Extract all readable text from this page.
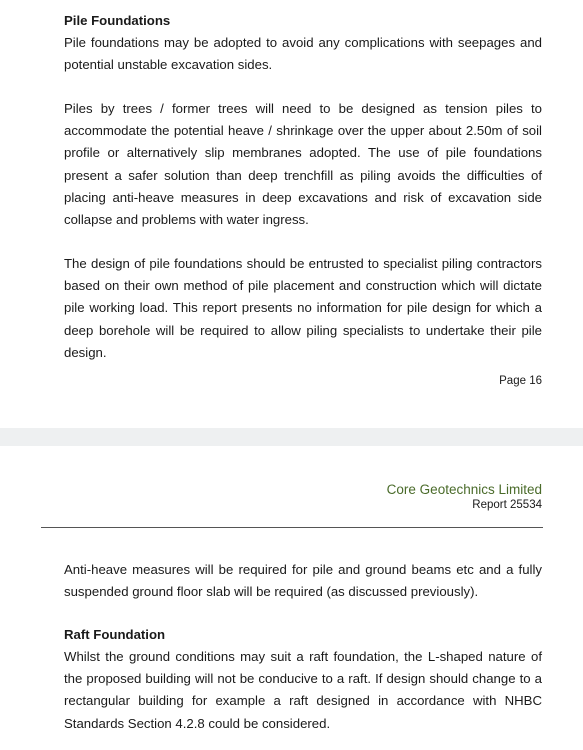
Pile Foundations

Pile foundations may be adopted to avoid any complications with seepages and potential unstable excavation sides.

Piles by trees / former trees will need to be designed as tension piles to accommodate the potential heave / shrinkage over the upper about 2.50m of soil profile or alternatively slip membranes adopted. The use of pile foundations present a safer solution than deep trenchfill as piling avoids the difficulties of placing anti-heave measures in deep excavations and risk of excavation side collapse and problems with water ingress.

The design of pile foundations should be entrusted to specialist piling contractors based on their own method of pile placement and construction which will dictate pile working load. This report presents no information for pile design for which a deep borehole will be required to allow piling specialists to undertake their pile design.

Page 16
Core Geotechnics Limited
Report 25534

Anti-heave measures will be required for pile and ground beams etc and a fully suspended ground floor slab will be required (as discussed previously).

Raft Foundation

Whilst the ground conditions may suit a raft foundation, the L-shaped nature of the proposed building will not be conducive to a raft. If design should change to a rectangular building for example a raft designed in accordance with NHBC Standards Section 4.2.8 could be considered.
